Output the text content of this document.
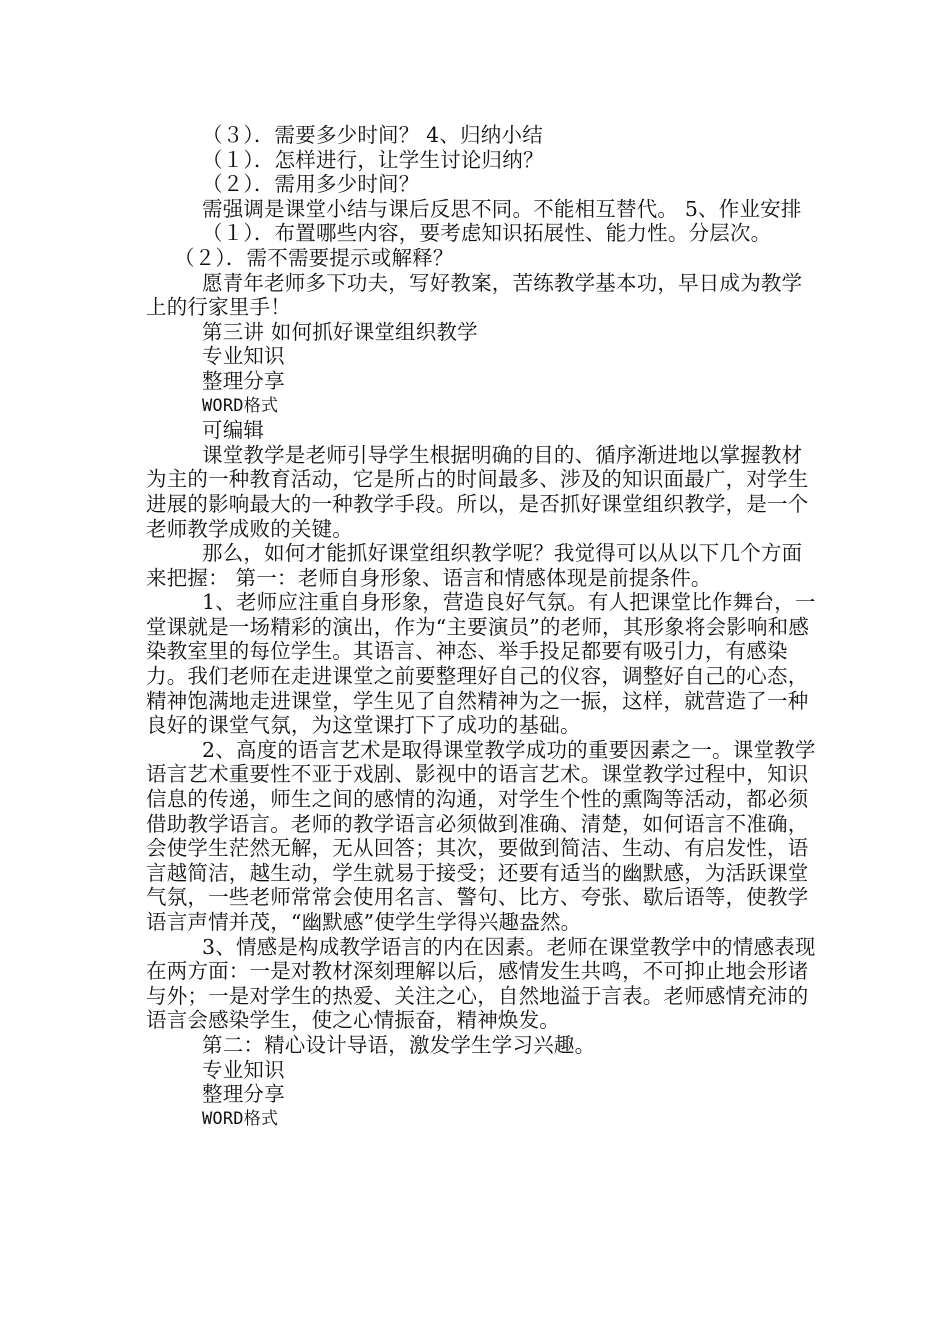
（３）．需要多少时间？ 4、归纳小结

（１）．怎样进行，让学生讨论归纳？

（２）．需用多少时间？

需强调是课堂小结与课后反思不同。不能相互替代。 5、作业安排

（１）．布置哪些内容，要考虑知识拓展性、能力性。分层次。

（２）．需不需要提示或解释？

愿青年老师多下功夫，写好教案，苦练教学基本功，早日成为教学上的行家里手！

第三讲 如何抓好课堂组织教学

专业知识

整理分享

WORD格式

可编辑

课堂教学是老师引导学生根据明确的目的、循序渐进地以掌握教材为主的一种教育活动，它是所占的时间最多、涉及的知识面最广，对学生进展的影响最大的一种教学手段。所以，是否抓好课堂组织教学，是一个老师教学成败的关键。

那么，如何才能抓好课堂组织教学呢？我觉得可以从以下几个方面来把握： 第一：老师自身形象、语言和情感体现是前提条件。

1、老师应注重自身形象，营造良好气氛。有人把课堂比作舞台，一堂课就是一场精彩的演出，作为“主要演员”的老师，其形象将会影响和感染教室里的每位学生。其语言、神态、举手投足都要有吸引力，有感染力。我们老师在走进课堂之前要整理好自己的仪容，调整好自己的心态，精神饱满地走进课堂，学生见了自然精神为之一振，这样，就营造了一种良好的课堂气氛，为这堂课打下了成功的基础。

2、高度的语言艺术是取得课堂教学成功的重要因素之一。课堂教学语言艺术重要性不亚于戏剧、影视中的语言艺术。课堂教学过程中，知识信息的传递，师生之间的感情的沟通，对学生个性的熏陶等活动，都必须借助教学语言。老师的教学语言必须做到准确、清楚，如何语言不准确，会使学生茫然无解，无从回答；其次，要做到简洁、生动、有启发性，语言越简洁，越生动，学生就易于接受；还要有适当的幽默感，为活跃课堂气氛，一些老师常常会使用名言、警句、比方、夸张、歇后语等，使教学语言声情并茂，“幽默感”使学生学得兴趣盎然。

3、情感是构成教学语言的内在因素。老师在课堂教学中的情感表现在两方面：一是对教材深刻理解以后，感情发生共鸣，不可抑止地会形诸与外；一是对学生的热爱、关注之心，自然地溢于言表。老师感情充沛的语言会感染学生，使之心情振奋，精神焕发。

第二：精心设计导语，激发学生学习兴趣。

专业知识

整理分享

WORD格式
